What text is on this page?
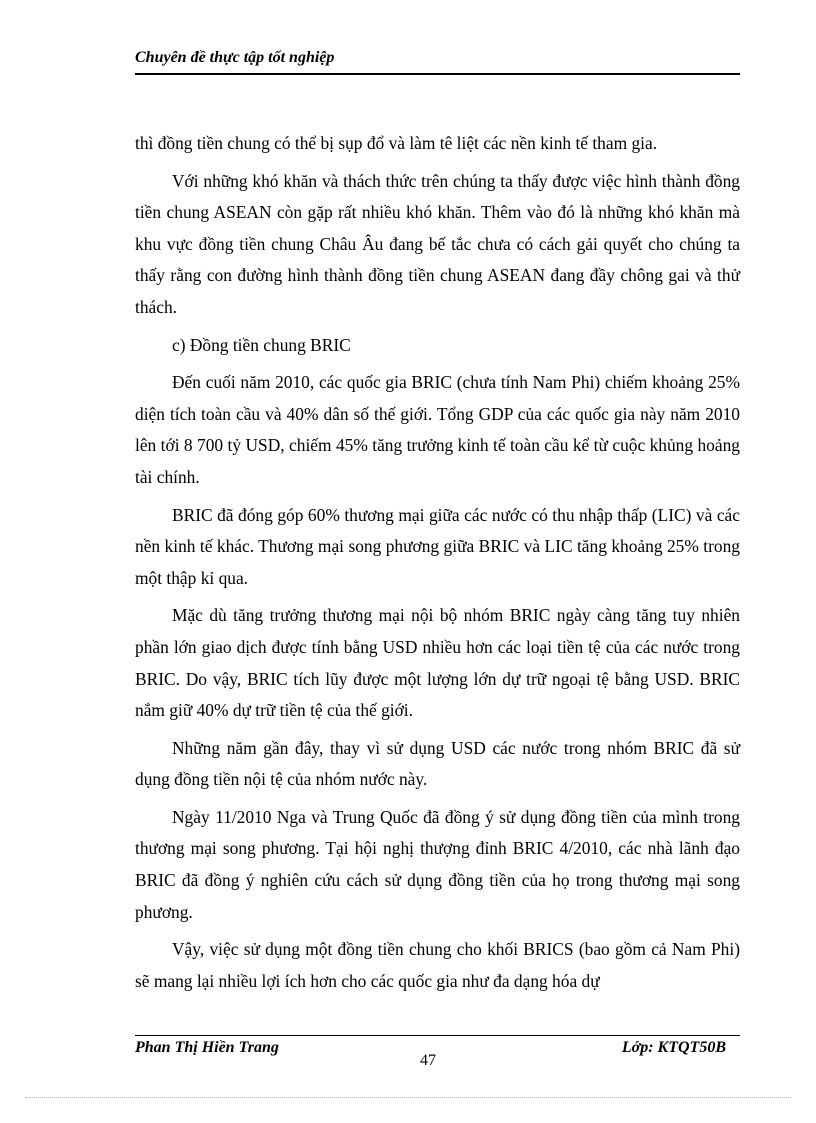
Chuyên đề thực tập tốt nghiệp

thì đồng tiền chung có thể bị sụp đổ và làm tê liệt các nền kinh tế tham gia.

Với những khó khăn và thách thức trên chúng ta thấy được việc hình thành đồng tiền chung ASEAN còn gặp rất nhiều khó khăn. Thêm vào đó là những khó khăn mà khu vực đồng tiền chung Châu Âu đang bế tắc chưa có cách gải quyết cho chúng ta thấy rằng con đường hình thành đồng tiền chung ASEAN đang đầy chông gai và thử thách.

c) Đồng tiền chung BRIC

Đến cuối năm 2010, các quốc gia BRIC (chưa tính Nam Phi) chiếm khoảng 25% diện tích toàn cầu và 40% dân số thế giới. Tổng GDP của các quốc gia này năm 2010 lên tới 8 700 tỷ USD, chiếm 45% tăng trưởng kinh tế toàn cầu kể từ cuộc khủng hoảng tài chính.

BRIC đã đóng góp 60% thương mại giữa các nước có thu nhập thấp (LIC) và các nền kinh tế khác. Thương mại song phương giữa BRIC và LIC tăng khoảng 25% trong một thập kỉ qua.

Mặc dù tăng trưởng thương mại nội bộ nhóm BRIC ngày càng tăng tuy nhiên phần lớn giao dịch được tính bằng USD nhiều hơn các loại tiền tệ của các nước trong BRIC. Do vậy, BRIC tích lũy được một lượng lớn dự trữ ngoại tệ bằng USD. BRIC nắm giữ 40% dự trữ tiền tệ của thế giới.

Những năm gần đây, thay vì sử dụng USD các nước trong nhóm BRIC đã sử dụng đồng tiền nội tệ của nhóm nước này.

Ngày 11/2010 Nga và Trung Quốc đã đồng ý sử dụng đồng tiền của mình trong thương mại song phương. Tại hội nghị thượng đỉnh BRIC 4/2010, các nhà lãnh đạo BRIC đã đồng ý nghiên cứu cách sử dụng đồng tiền của họ trong thương mại song phương.

Vậy, việc sử dụng một đồng tiền chung cho khối BRICS (bao gồm cả Nam Phi) sẽ mang lại nhiều lợi ích hơn cho các quốc gia như đa dạng hóa dự

Phan Thị Hiền Trang	Lớp: KTQT50B
47
